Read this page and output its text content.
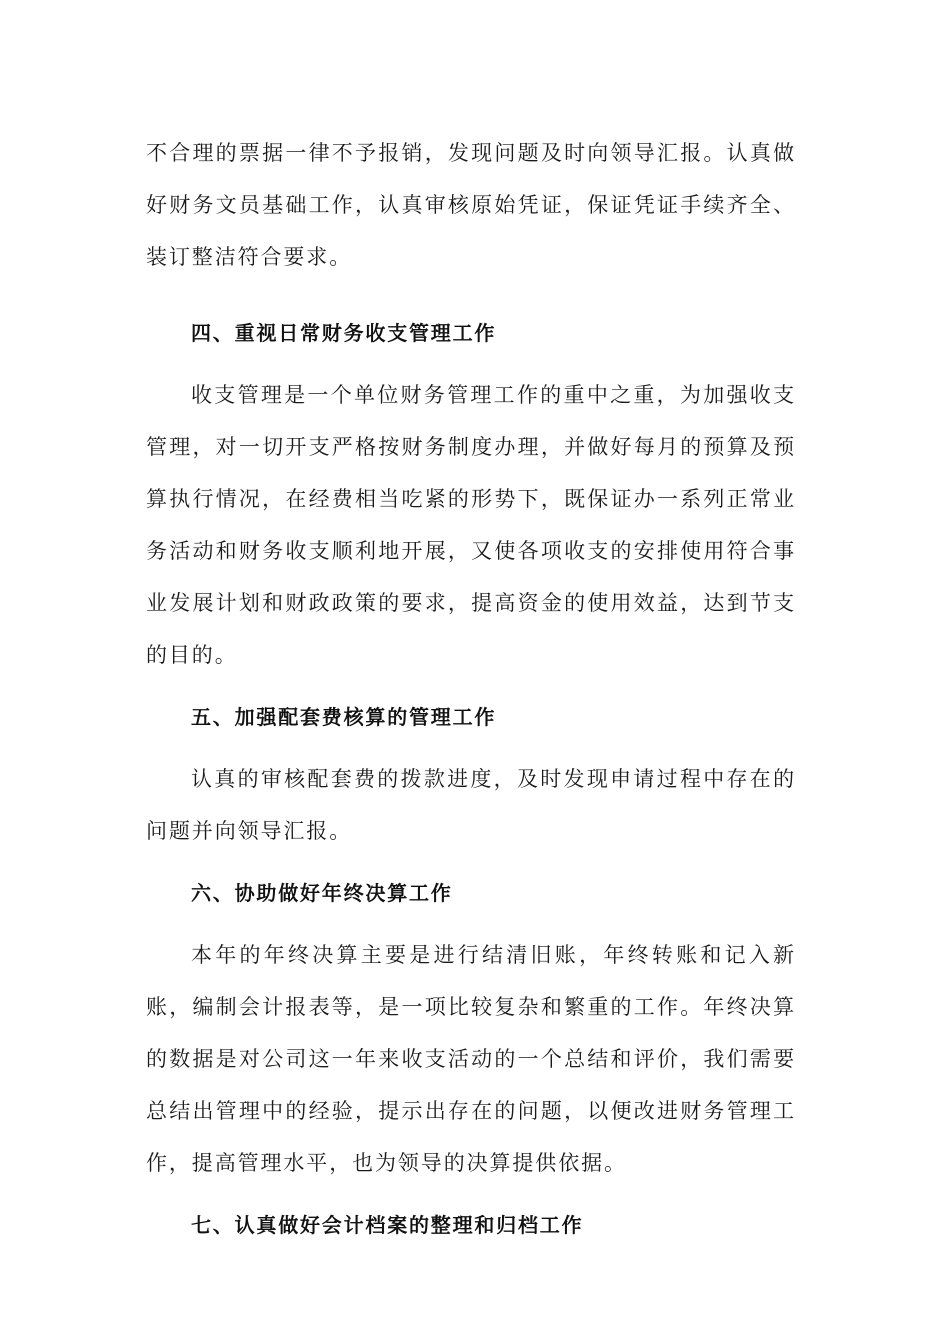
不合理的票据一律不予报销，发现问题及时向领导汇报。认真做好财务文员基础工作，认真审核原始凭证，保证凭证手续齐全、装订整洁符合要求。

四、重视日常财务收支管理工作

收支管理是一个单位财务管理工作的重中之重，为加强收支管理，对一切开支严格按财务制度办理，并做好每月的预算及预算执行情况，在经费相当吃紧的形势下，既保证办一系列正常业务活动和财务收支顺利地开展，又使各项收支的安排使用符合事业发展计划和财政政策的要求，提高资金的使用效益，达到节支的目的。

五、加强配套费核算的管理工作

认真的审核配套费的拨款进度，及时发现申请过程中存在的问题并向领导汇报。

六、协助做好年终决算工作

本年的年终决算主要是进行结清旧账，年终转账和记入新账，编制会计报表等，是一项比较复杂和繁重的工作。年终决算的数据是对公司这一年来收支活动的一个总结和评价，我们需要总结出管理中的经验，提示出存在的问题，以便改进财务管理工作，提高管理水平，也为领导的决算提供依据。

七、认真做好会计档案的整理和归档工作
